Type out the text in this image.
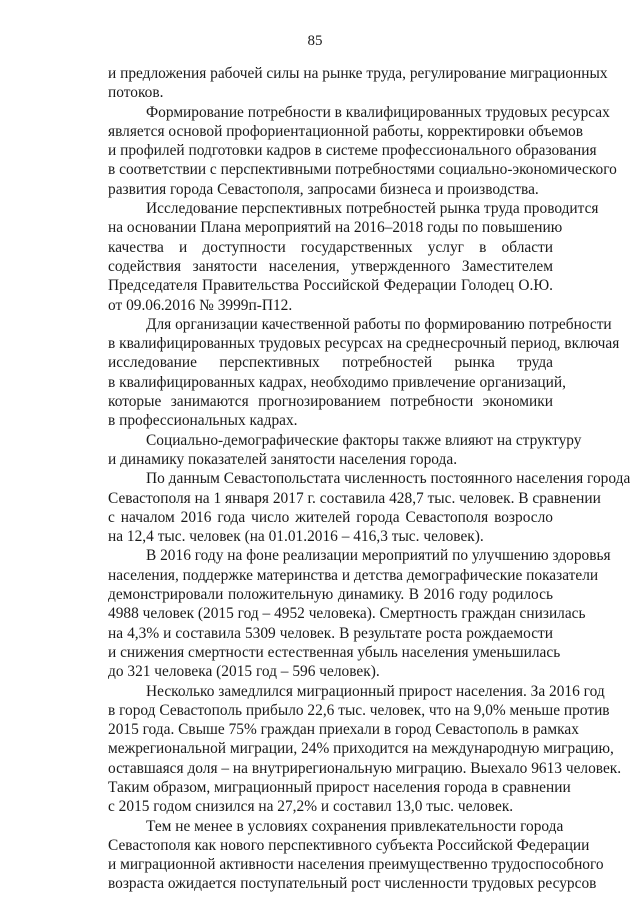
85

и предложения рабочей силы на рынке труда, регулирование миграционных
потоков.

Формирование потребности в квалифицированных трудовых ресурсах
является основой профориентационной работы, корректировки объемов
и профилей подготовки кадров в системе профессионального образования
в соответствии с перспективными потребностями социально-экономического
развития города Севастополя, запросами бизнеса и производства.

Исследование перспективных потребностей рынка труда проводится
на основании Плана мероприятий на 2016–2018 годы по повышению
качества и доступности государственных услуг в области
содействия занятости населения, утвержденного Заместителем
Председателя Правительства Российской Федерации Голодец О.Ю.
от 09.06.2016 № 3999п-П12.

Для организации качественной работы по формированию потребности
в квалифицированных трудовых ресурсах на среднесрочный период, включая
исследование перспективных потребностей рынка труда
в квалифицированных кадрах, необходимо привлечение организаций,
которые занимаются прогнозированием потребности экономики
в профессиональных кадрах.

Социально-демографические факторы также влияют на структуру
и динамику показателей занятости населения города.

По данным Севастопольстата численность постоянного населения города
Севастополя на 1 января 2017 г. составила 428,7 тыс. человек. В сравнении
с началом 2016 года число жителей города Севастополя возросло
на 12,4 тыс. человек (на 01.01.2016 – 416,3 тыс. человек).

В 2016 году на фоне реализации мероприятий по улучшению здоровья
населения, поддержке материнства и детства демографические показатели
демонстрировали положительную динамику. В 2016 году родилось
4988 человек (2015 год – 4952 человека). Смертность граждан снизилась
на 4,3% и составила 5309 человек. В результате роста рождаемости
и снижения смертности естественная убыль населения уменьшилась
до 321 человека (2015 год – 596 человек).

Несколько замедлился миграционный прирост населения. За 2016 год
в город Севастополь прибыло 22,6 тыс. человек, что на 9,0% меньше против
2015 года. Свыше 75% граждан приехали в город Севастополь в рамках
межрегиональной миграции, 24% приходится на международную миграцию,
оставшаяся доля – на внутрирегиональную миграцию. Выехало 9613 человек.
Таким образом, миграционный прирост населения города в сравнении
с 2015 годом снизился на 27,2% и составил 13,0 тыс. человек.

Тем не менее в условиях сохранения привлекательности города
Севастополя как нового перспективного субъекта Российской Федерации
и миграционной активности населения преимущественно трудоспособного
возраста ожидается поступательный рост численности трудовых ресурсов
